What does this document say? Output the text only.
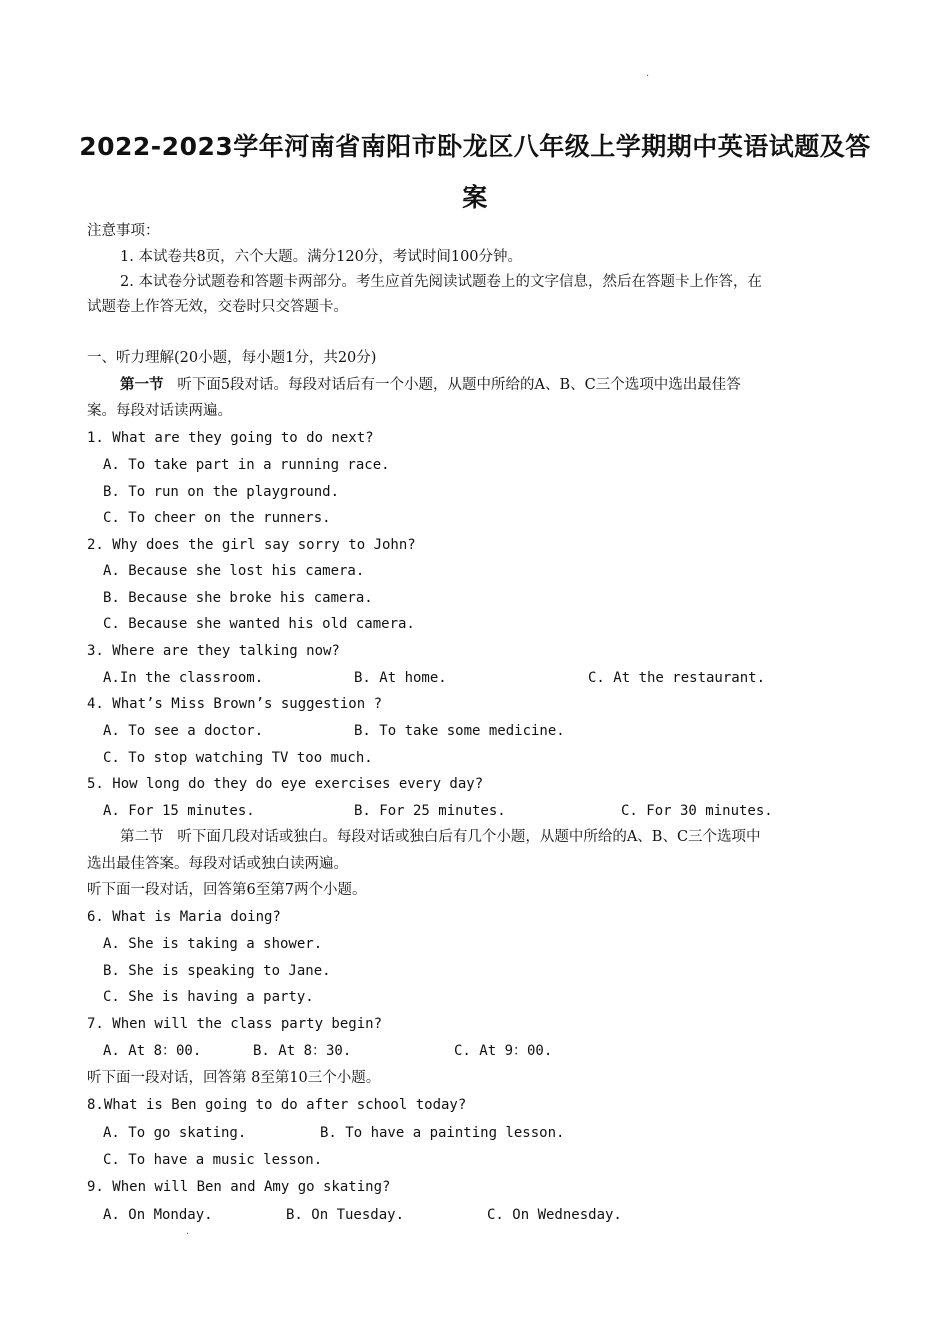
.
2022-2023学年河南省南阳市卧龙区八年级上学期期中英语试题及答
案
注意事项：
1. 本试卷共8页，六个大题。满分120分，考试时间100分钟。
2. 本试卷分试题卷和答题卡两部分。考生应首先阅读试题卷上的文字信息，然后在答题卡上作答，在
试题卷上作答无效，交卷时只交答题卡。
一、听力理解(20小题，每小题1分，共20分)
第一节 听下面5段对话。每段对话后有一个小题，从题中所给的A、B、C三个选项中选出最佳答
案。每段对话读两遍。
1. What are they going to do next?
A. To take part in a running race.
B. To run on the playground.
C. To cheer on the runners.
2. Why does the girl say sorry to John?
A. Because she lost his camera.
B. Because she broke his camera.
C. Because she wanted his old camera.
3. Where are they talking now?
A.In the classroom.	B. At home.	C. At the restaurant.
4. What’s Miss Brown’s suggestion ?
A. To see a doctor.	B. To take some medicine.
C. To stop watching TV too much.
5. How long do they do eye exercises every day?
A. For 15 minutes.	B. For 25 minutes.	C. For 30 minutes.
第二节 听下面几段对话或独白。每段对话或独白后有几个小题，从题中所给的A、B、C三个选项中
选出最佳答案。每段对话或独白读两遍。
听下面一段对话，回答第6至第7两个小题。
6. What is Maria doing?
A. She is taking a shower.
B. She is speaking to Jane.
C. She is having a party.
7. When will the class party begin?
A. At 8：00.	B. At 8：30.	C. At 9：00.
听下面一段对话，回答第 8至第10三个小题。
8.What is Ben going to do after school today?
A. To go skating.	B. To have a painting lesson.
C. To have a music lesson.
9. When will Ben and Amy go skating?
A. On Monday.	B. On Tuesday.	C. On Wednesday.
.
